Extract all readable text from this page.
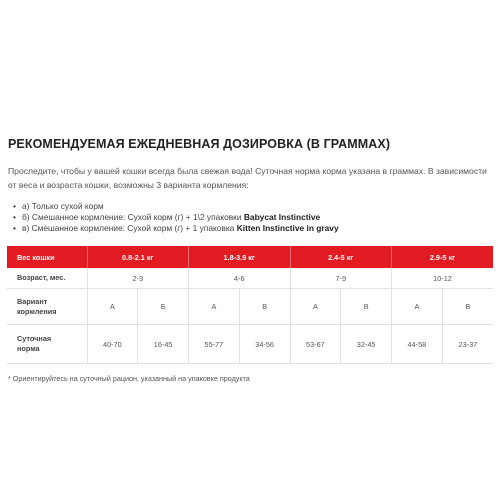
РЕКОМЕНДУЕМАЯ ЕЖЕДНЕВНАЯ ДОЗИРОВКА (В ГРАММАХ)

Проследите, чтобы у вашей кошки всегда была свежая вода! Суточная норма корма указана в граммах. В зависимости от веса и возраста кошки, возможны 3 варианта кормления:

• а) Только сухой корм
• б) Смешанное кормление: Сухой корм (г) + 1\2 упаковки Babycat Instinctive
• в) Смешанное кормление: Сухой корм (г) + 1 упаковка Kitten Instinctive in gravy
Вес кошки	0.8-2.1 кг		1.8-3.9 кг		2.4-5 кг		2.9-5 кг	
Возраст, мес.	2-3		4-6		7-9		10-12	
Вариант
кормления	А	Б	А	В	А	В	А	В
Суточная
норма	40-70	16-45	55-77	34-56	53-67	32-45	44-58	23-37
* Ориентируйтесь на суточный рацион, указанный на упаковке продукта
